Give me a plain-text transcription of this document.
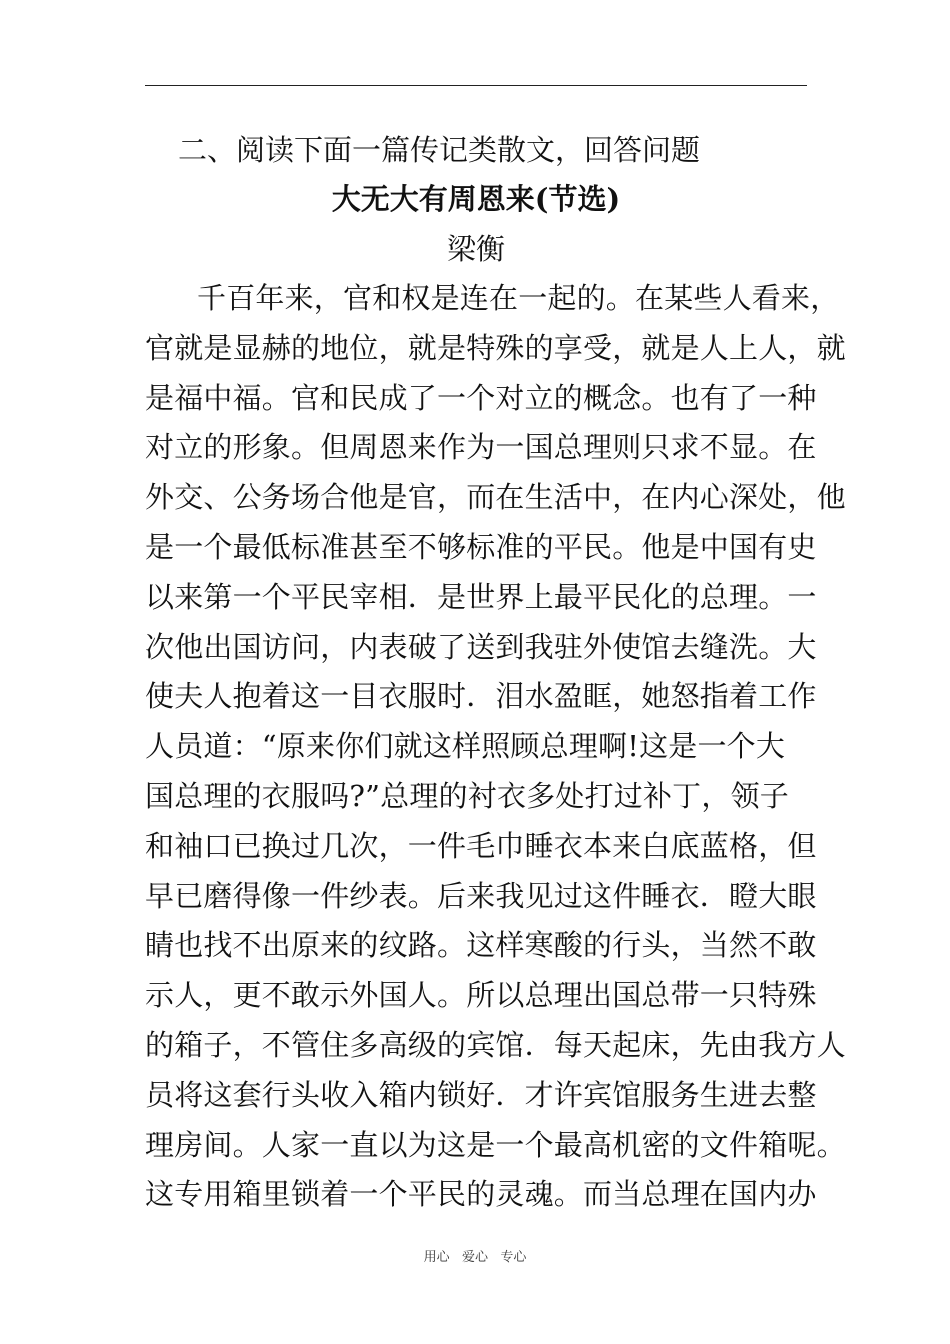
二、阅读下面一篇传记类散文，回答问题
大无大有周恩来(节选)
梁衡
千百年来，官和权是连在一起的。在某些人看来，
官就是显赫的地位，就是特殊的享受，就是人上人，就
是福中福。官和民成了一个对立的概念。也有了一种
对立的形象。但周恩来作为一国总理则只求不显。在
外交、公务场合他是官，而在生活中，在内心深处，他
是一个最低标准甚至不够标准的平民。他是中国有史
以来第一个平民宰相．是世界上最平民化的总理。一
次他出国访问，内表破了送到我驻外使馆去缝洗。大
使夫人抱着这一目衣服时．泪水盈眶，她怒指着工作
人员道：“原来你们就这样照顾总理啊!这是一个大
国总理的衣服吗?”总理的衬衣多处打过补丁，领子
和袖口已换过几次，一件毛巾睡衣本来白底蓝格，但
早已磨得像一件纱表。后来我见过这件睡衣．瞪大眼
睛也找不出原来的纹路。这样寒酸的行头，当然不敢
示人，更不敢示外国人。所以总理出国总带一只特殊
的箱子，不管住多高级的宾馆．每天起床，先由我方人
员将这套行头收入箱内锁好．才许宾馆服务生进去整
理房间。人家一直以为这是一个最高机密的文件箱呢。
这专用箱里锁着一个平民的灵魂。而当总理在国内办
用心   爱心   专心
